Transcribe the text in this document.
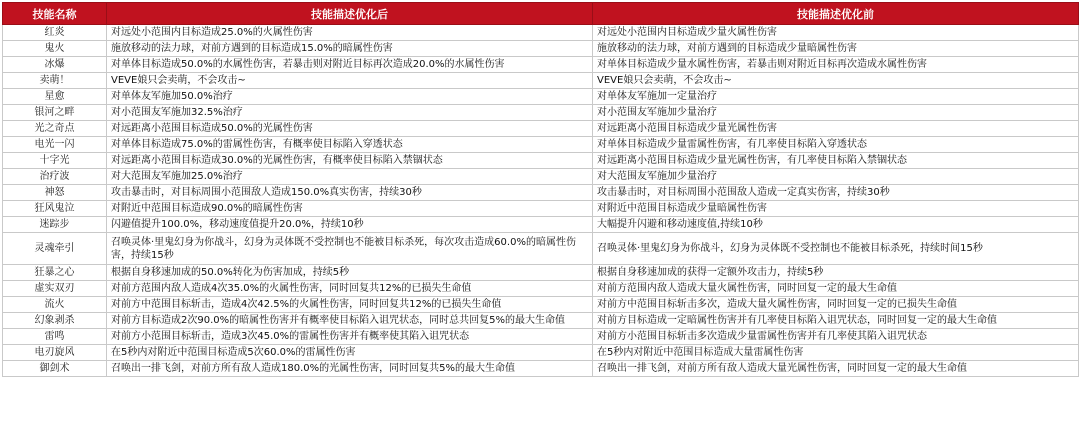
技能名称	技能描述优化后	技能描述优化前
红炎	对远处小范围内目标造成25.0%的火属性伤害	对远处小范围内目标造成少量火属性伤害
鬼火	施放移动的法力球，对前方遇到的目标造成15.0%的暗属性伤害	施放移动的法力球，对前方遇到的目标造成少量暗属性伤害
冰爆	对单体目标造成50.0%的水属性伤害，若暴击则对附近目标再次造成20.0%的水属性伤害	对单体目标造成少量水属性伤害，若暴击则对附近目标再次造成水属性伤害
卖萌！	VEVE娘只会卖萌，不会攻击~	VEVE娘只会卖萌，不会攻击~
星愈	对单体友军施加50.0%治疗	对单体友军施加一定量治疗
银河之畔	对小范围友军施加32.5%治疗	对小范围友军施加少量治疗
光之奇点	对远距离小范围目标造成50.0%的光属性伤害	对远距离小范围目标造成少量光属性伤害
电光一闪	对单体目标造成75.0%的雷属性伤害，有概率使目标陷入穿透状态	对单体目标造成少量雷属性伤害，有几率使目标陷入穿透状态
十字光	对远距离小范围目标造成30.0%的光属性伤害，有概率使目标陷入禁锢状态	对远距离小范围目标造成少量光属性伤害，有几率使目标陷入禁锢状态
治疗波	对大范围友军施加25.0%治疗	对大范围友军施加少量治疗
神怒	攻击暴击时，对目标周围小范围敌人造成150.0%真实伤害，持续30秒	攻击暴击时，对目标周围小范围敌人造成一定真实伤害，持续30秒
狂风鬼泣	对附近中范围目标造成90.0%的暗属性伤害	对附近中范围目标造成少量暗属性伤害
迷踪步	闪避值提升100.0%，移动速度值提升20.0%，持续10秒	大幅提升闪避和移动速度值,持续10秒
灵魂牵引	召唤灵体·里鬼幻身为你战斗，幻身为灵体既不受控制也不能被目标杀死，每次攻击造成60.0%的暗属性伤害，持续15秒	召唤灵体·里鬼幻身为你战斗，幻身为灵体既不受控制也不能被目标杀死，持续时间15秒
狂暴之心	根据自身移速加成的50.0%转化为伤害加成，持续5秒	根据自身移速加成的获得一定额外攻击力，持续5秒
虚实双刃	对前方范围内敌人造成4次35.0%的火属性伤害，同时回复共12%的已损失生命值	对前方范围内敌人造成大量火属性伤害，同时回复一定的最大生命值
流火	对前方中范围目标斩击，造成4次42.5%的火属性伤害，同时回复共12%的已损失生命值	对前方中范围目标斩击多次，造成大量火属性伤害，同时回复一定的已损失生命值
幻象剥杀	对前方目标造成2次90.0%的暗属性伤害并有概率使目标陷入诅咒状态，同时总共回复5%的最大生命值	对前方目标造成一定暗属性伤害并有几率使目标陷入诅咒状态，同时回复一定的最大生命值
雷鸣	对前方小范围目标斩击，造成3次45.0%的雷属性伤害并有概率使其陷入诅咒状态	对前方小范围目标斩击多次造成少量雷属性伤害并有几率使其陷入诅咒状态
电刃旋风	在5秒内对附近中范围目标造成5次60.0%的雷属性伤害	在5秒内对附近中范围目标造成大量雷属性伤害
御剑术	召唤出一排飞剑，对前方所有敌人造成180.0%的光属性伤害，同时回复共5%的最大生命值	召唤出一排飞剑，对前方所有敌人造成大量光属性伤害，同时回复一定的最大生命值
